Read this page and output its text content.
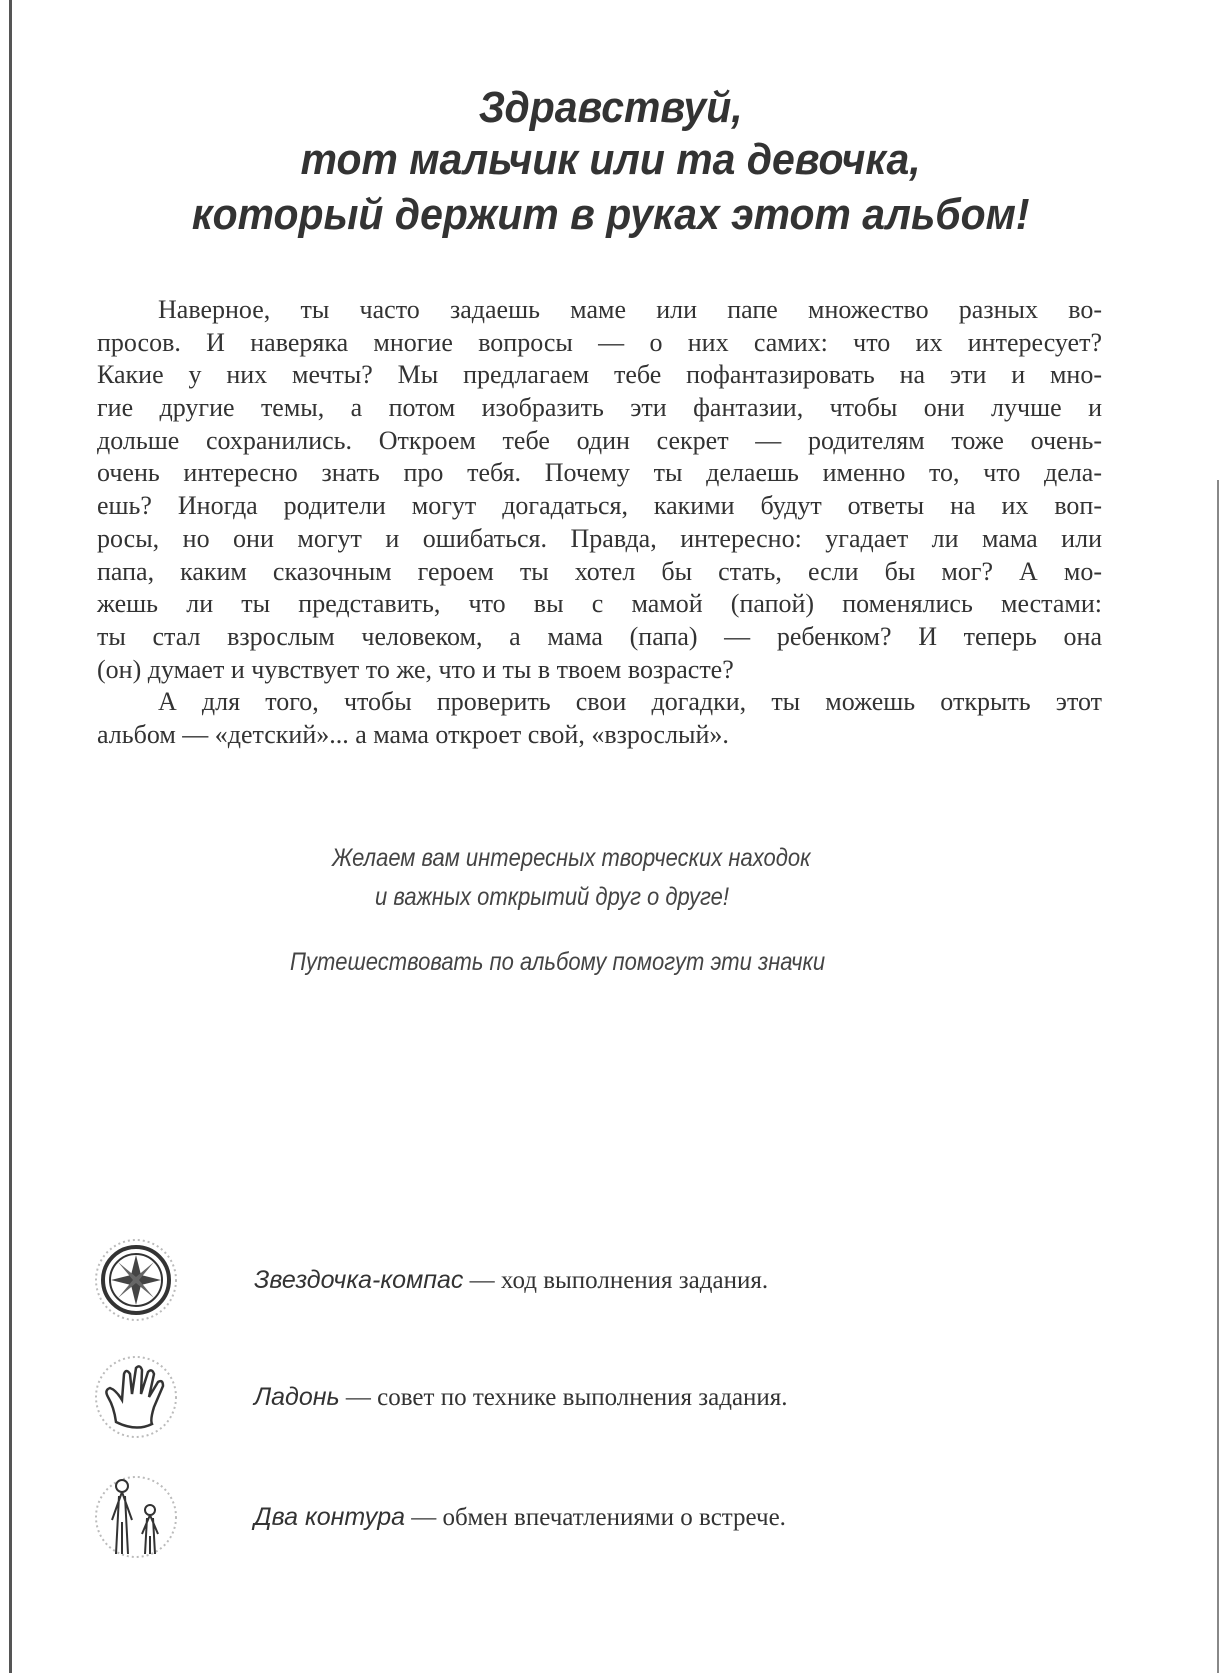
Здравствуй,
тот мальчик или та девочка,
который держит в руках этот альбом!
Наверное, ты часто задаешь маме или папе множество разных во-
просов. И наверяка многие вопросы — о них самих: что их интересует?
Какие у них мечты? Мы предлагаем тебе пофантазировать на эти и мно-
гие другие темы, а потом изобразить эти фантазии, чтобы они лучше и
дольше сохранились. Откроем тебе один секрет — родителям тоже очень-
очень интересно знать про тебя. Почему ты делаешь именно то, что дела-
ешь? Иногда родители могут догадаться, какими будут ответы на их воп-
росы, но они могут и ошибаться. Правда, интересно: угадает ли мама или
папа, каким сказочным героем ты хотел бы стать, если бы мог? А мо-
жешь ли ты представить, что вы с мамой (папой) поменялись местами:
ты стал взрослым человеком, а мама (папа) — ребенком? И теперь она
(он) думает и чувствует то же, что и ты в твоем возрасте?
А для того, чтобы проверить свои догадки, ты можешь открыть этот
альбом — «детский»... а мама откроет свой, «взрослый».
Желаем вам интересных творческих находок
и важных открытий друг о друге!
Путешествовать по альбому помогут эти значки
Звездочка-компас — ход выполнения задания.
Ладонь — совет по технике выполнения задания.
Два контура — обмен впечатлениями о встрече.
